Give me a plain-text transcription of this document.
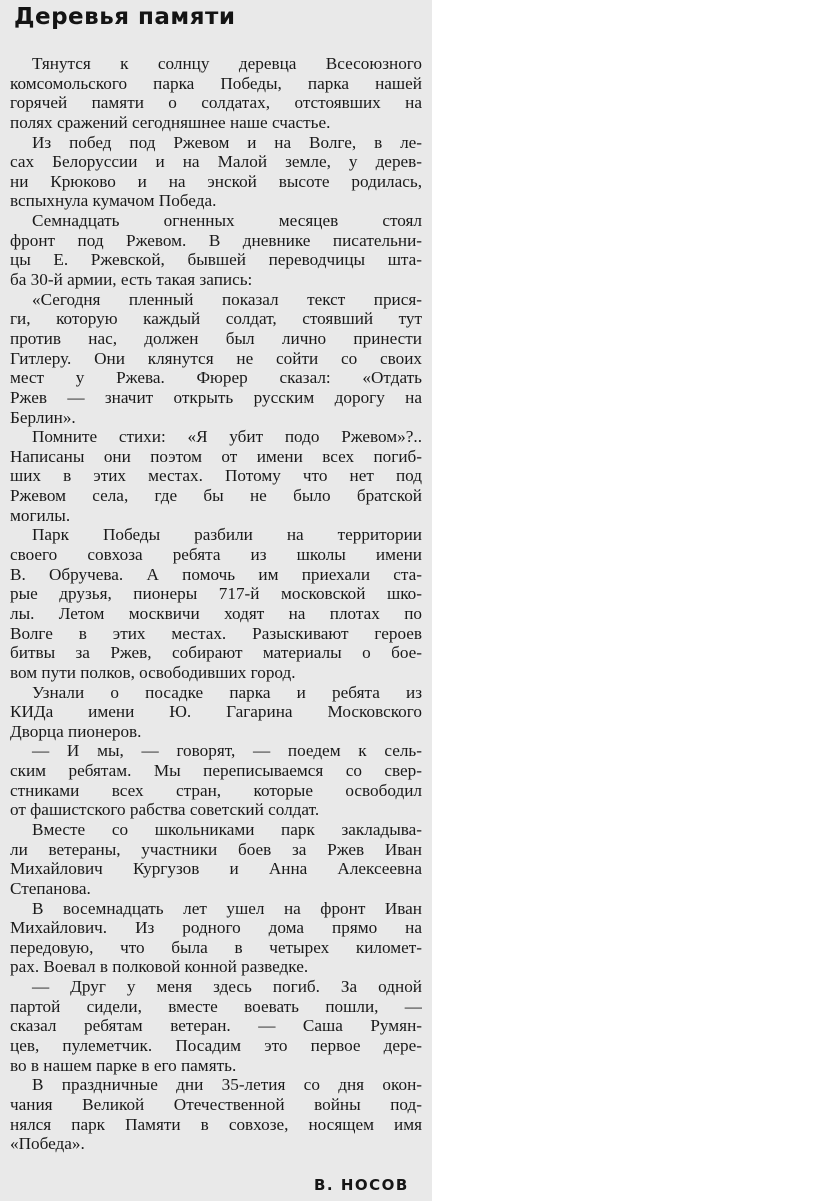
Деревья памяти
Тянутся к солнцу деревца Всесоюзного
комсомольского парка Победы, парка нашей
горячей памяти о солдатах, отстоявших на
полях сражений сегодняшнее наше счастье.
Из побед под Ржевом и на Волге, в ле-
сах Белоруссии и на Малой земле, у дерев-
ни Крюково и на энской высоте родилась,
вспыхнула кумачом Победа.
Семнадцать огненных месяцев стоял
фронт под Ржевом. В дневнике писательни-
цы Е. Ржевской, бывшей переводчицы шта-
ба 30-й армии, есть такая запись:
«Сегодня пленный показал текст прися-
ги, которую каждый солдат, стоявший тут
против нас, должен был лично принести
Гитлеру. Они клянутся не сойти со своих
мест у Ржева. Фюрер сказал: «Отдать
Ржев — значит открыть русским дорогу на
Берлин».
Помните стихи: «Я убит подо Ржевом»?..
Написаны они поэтом от имени всех погиб-
ших в этих местах. Потому что нет под
Ржевом села, где бы не было братской
могилы.
Парк Победы разбили на территории
своего совхоза ребята из школы имени
В. Обручева. А помочь им приехали ста-
рые друзья, пионеры 717-й московской шко-
лы. Летом москвичи ходят на плотах по
Волге в этих местах. Разыскивают героев
битвы за Ржев, собирают материалы о бое-
вом пути полков, освободивших город.
Узнали о посадке парка и ребята из
КИДа имени Ю. Гагарина Московского
Дворца пионеров.
— И мы, — говорят, — поедем к сель-
ским ребятам. Мы переписываемся со свер-
стниками всех стран, которые освободил
от фашистского рабства советский солдат.
Вместе со школьниками парк закладыва-
ли ветераны, участники боев за Ржев Иван
Михайлович Кургузов и Анна Алексеевна
Степанова.
В восемнадцать лет ушел на фронт Иван
Михайлович. Из родного дома прямо на
передовую, что была в четырех километ-
рах. Воевал в полковой конной разведке.
— Друг у меня здесь погиб. За одной
партой сидели, вместе воевать пошли, —
сказал ребятам ветеран. — Саша Румян-
цев, пулеметчик. Посадим это первое дере-
во в нашем парке в его память.
В праздничные дни 35-летия со дня окон-
чания Великой Отечественной войны под-
нялся парк Памяти в совхозе, носящем имя
«Победа».
В. НОСОВ
